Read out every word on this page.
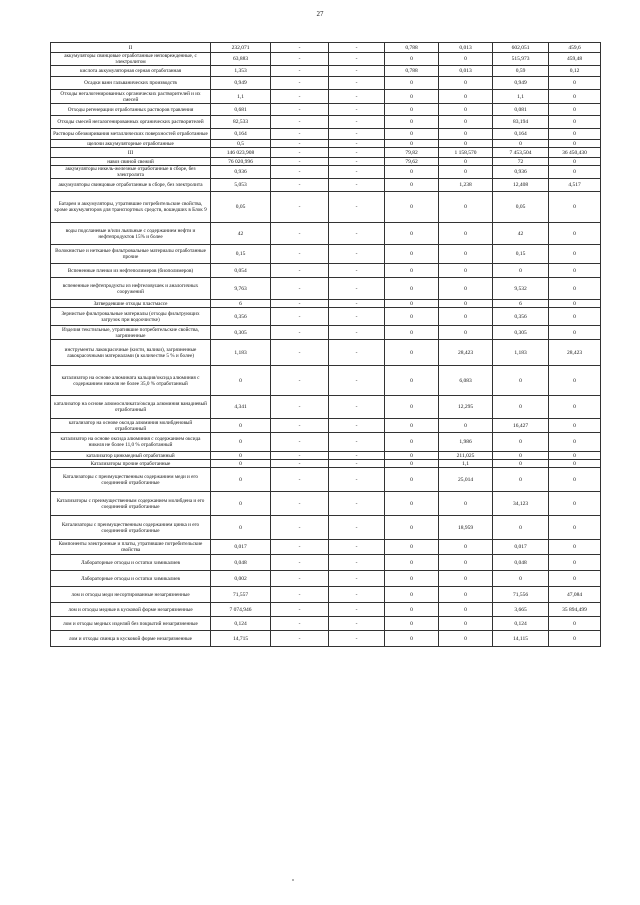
27
II	232,071	-	-	0,788	0,013	602,051	459,6
аккумуляторы свинцовые отработанные неповрежденные, с электролитом	63,883	-	-	0	0	515,973	459,48
кислота аккумуляторная серная отработанная	1,353	-	-	0,788	0,013	0,59	0,12
Осадки ванн гальванических производств	0,949	-	-	0	0	0,949	0
Отходы негалогенированных органических растворителей и их смесей	1,1	-	-	0	0	1,1	0
Отходы регенерации отработанных растворов травления	0,681	-	-	0	0	0,081	0
Отходы смесей негалогенированных органических растворителей	82,533	-	-	0	0	83,194	0
Растворы обезжиривания металлических поверхностей отработанные	0,164	-	-	0	0	0,164	0
щелочи аккумуляторные отработанные	0,5	-	-	0	0	0	0
III	146 023,908	-	-	79,82	1 158,570	7 453,504	36 450,430
навоз свиной свежий	76 020,996	-	-	79,62	0	72	0
аккумуляторы никель-железные отработанные в сборе, без электролита	0,936	-	-	0	0	0,936	0
аккумуляторы свинцовые отработанные в сборе, без электролита	5,053	-	-	0	1,238	12,408	4,517
Батареи и аккумуляторы, утратившие потребительские свойства, кроме аккумуляторов для транспортных средств, вошедших в Блок 9	0,05	-	-	0	0	0,05	0
воды подсланевые и/или льяльные с содержанием нефти и нефтепродуктов 15% и более	42	-	-	0	0	42	0
Волокнистые и нетканые фильтровальные материалы отработанные прочие	0,15	-	-	0	0	0,15	0
Вспененные пленки из нефтеполимеров (биополимеров)	0,054	-	-	0	0	0	0
вспененные нефтепродукты из нефтеловушек и аналогичных сооружений	9,763	-	-	0	0	9,532	0
Затвердевшие отходы пластмассе	6	-	-	0	0	6	0
Зернистые фильтровальные материалы (отходы фильтрующих загрузок при водоочистке)	0,356	-	-	0	0	0,356	0
Изделия текстильные, утратившие потребительские свойства, загрязненные	0,305	-	-	0	0	0,305	0
инструменты лакокрасочные (кисти, валики), загрязненные лакокрасочными материалами (в количестве 5 % и более)	1,183	-	-	0	28,423	1,183	28,423
катализатор на основе алюмината кальция/оксида алюминия с содержанием никеля не более 35,0 % отработанный	0	-	-	0	6,083	0	0
катализатор на основе алюмосиликата/оксида алюминия ванадиевый отработанный	4,341	-	-	0	12,295	0	0
катализатор на основе оксида алюминия молибденовый отработанный	0	-	-	0	0	16,427	0
катализатор на основе оксида алюминия с содержанием оксида никеля не более 11,0 % отработанный	0	-	-	0	1,986	0	0
катализатор цинкмедный отработанный	0	-	-	0	211,025	0	0
Катализаторы прочие отработанные	0	-	-	0	1,1	0	0
Катализаторы с преимущественным содержанием меди и его соединений отработанные	0	-	-	0	25,014	0	0
Катализаторы с преимущественным содержанием молибдена и его соединений отработанные	0	-	-	0	0	34,123	0
Катализаторы с преимущественным содержанием цинка и его соединений отработанные	0	-	-	0	18,959	0	0
Компоненты электронные и платы, утратившие потребительские свойства	0,017	-	-	0	0	0,017	0
Лабораторные отходы и остатки химикалиев	0,048	-	-	0	0	0,048	0
Лабораторные отходы и остатки химикалиев	0,002	-	-	0	0	0	0
лом и отходы меди несортированные незагрязненные	71,557	-	-	0	0	71,556	47,084
лом и отходы медные в кусковой форме незагрязненные	7 074,946	-	-	0	0	3,665	35 894,499
лом и отходы медных изделий без покрытий незагрязненные	0,124	-	-	0	0	0,124	0
лом и отходы свинца в кусковой форме незагрязненные	14,715	-	-	0	0	14,115	0
